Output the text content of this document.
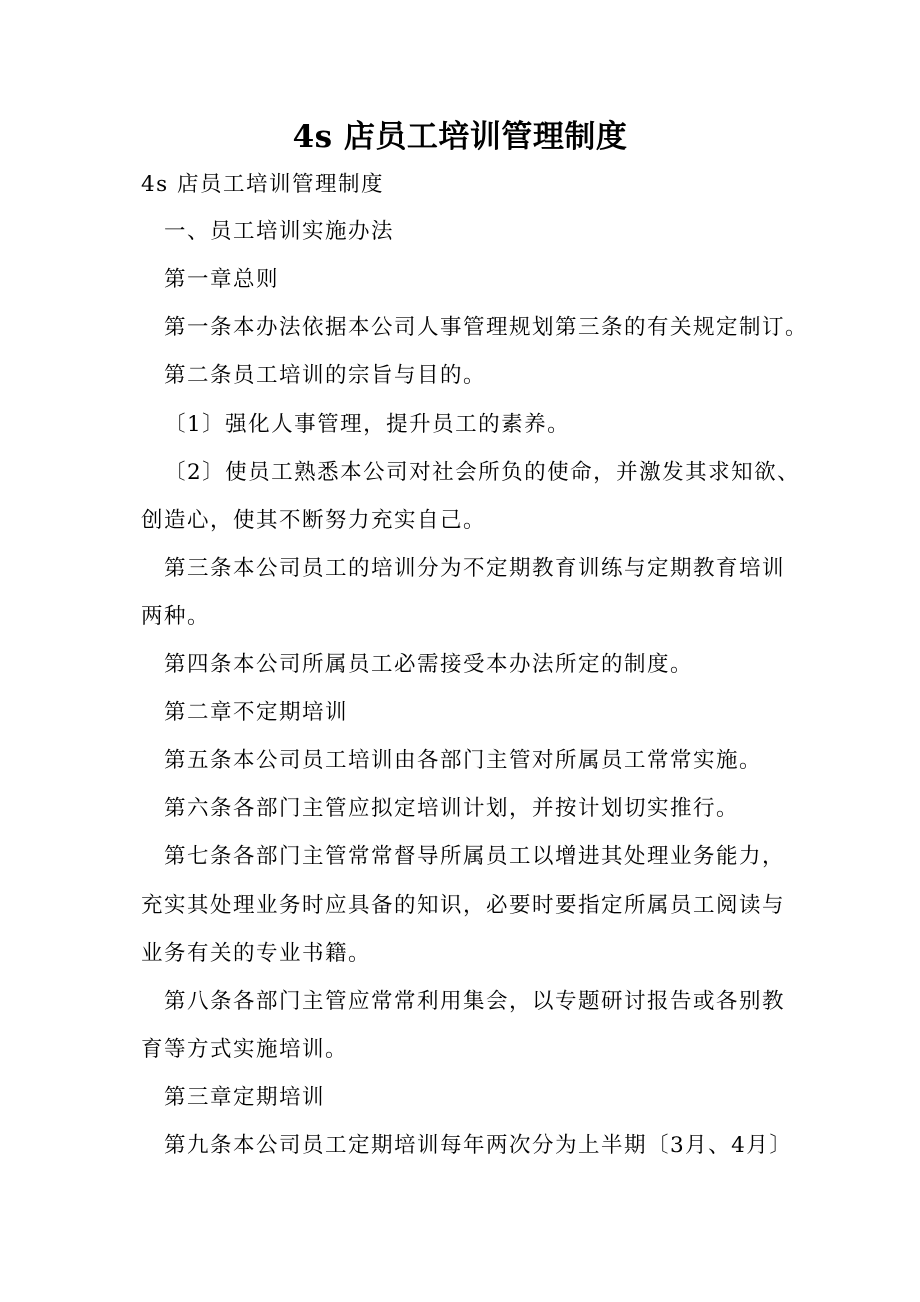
4s 店员工培训管理制度
4s 店员工培训管理制度
一、员工培训实施办法
第一章总则
第一条本办法依据本公司人事管理规划第三条的有关规定制订。
第二条员工培训的宗旨与目的。
〔1〕强化人事管理，提升员工的素养。
〔2〕使员工熟悉本公司对社会所负的使命，并激发其求知欲、
创造心，使其不断努力充实自己。
第三条本公司员工的培训分为不定期教育训练与定期教育培训
两种。
第四条本公司所属员工必需接受本办法所定的制度。
第二章不定期培训
第五条本公司员工培训由各部门主管对所属员工常常实施。
第六条各部门主管应拟定培训计划，并按计划切实推行。
第七条各部门主管常常督导所属员工以增进其处理业务能力，
充实其处理业务时应具备的知识，必要时要指定所属员工阅读与
业务有关的专业书籍。
第八条各部门主管应常常利用集会，以专题研讨报告或各别教
育等方式实施培训。
第三章定期培训
第九条本公司员工定期培训每年两次分为上半期〔3月、4月〕
